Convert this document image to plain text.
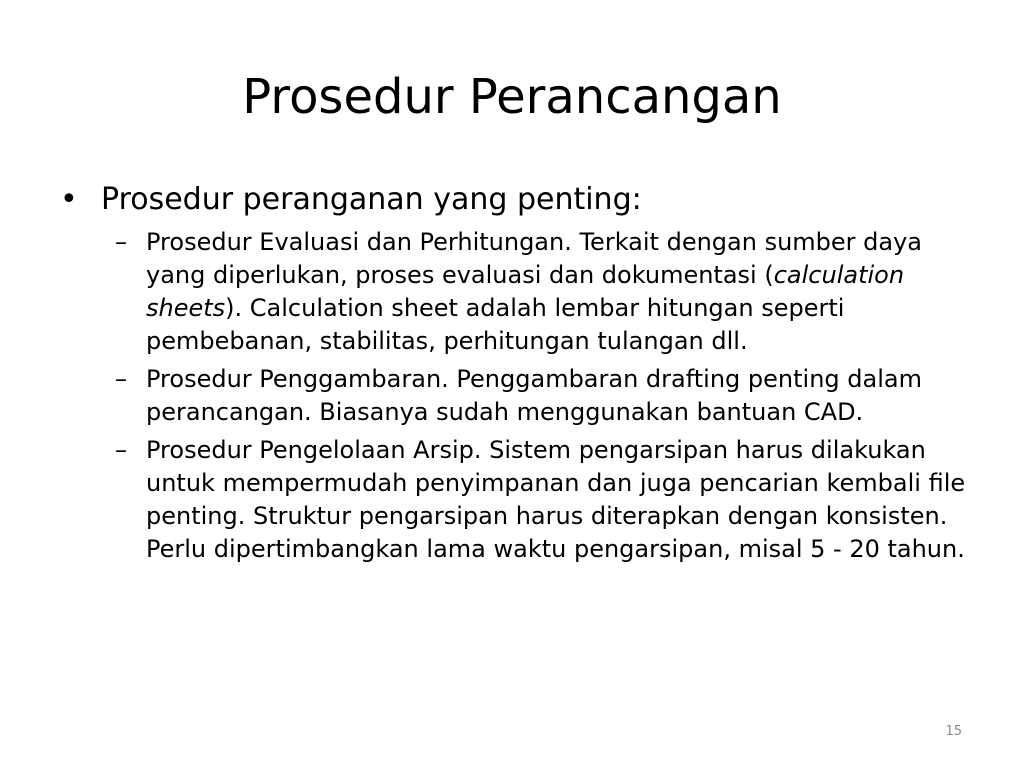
Prosedur Perancangan
• Prosedur peranganan yang penting:
– Prosedur Evaluasi dan Perhitungan. Terkait dengan sumber daya yang diperlukan, proses evaluasi dan dokumentasi (calculation sheets). Calculation sheet adalah lembar hitungan seperti pembebanan, stabilitas, perhitungan tulangan dll.
– Prosedur Penggambaran. Penggambaran drafting penting dalam perancangan. Biasanya sudah menggunakan bantuan CAD.
– Prosedur Pengelolaan Arsip. Sistem pengarsipan harus dilakukan untuk mempermudah penyimpanan dan juga pencarian kembali file penting. Struktur pengarsipan harus diterapkan dengan konsisten. Perlu dipertimbangkan lama waktu pengarsipan, misal 5 - 20 tahun.
15
